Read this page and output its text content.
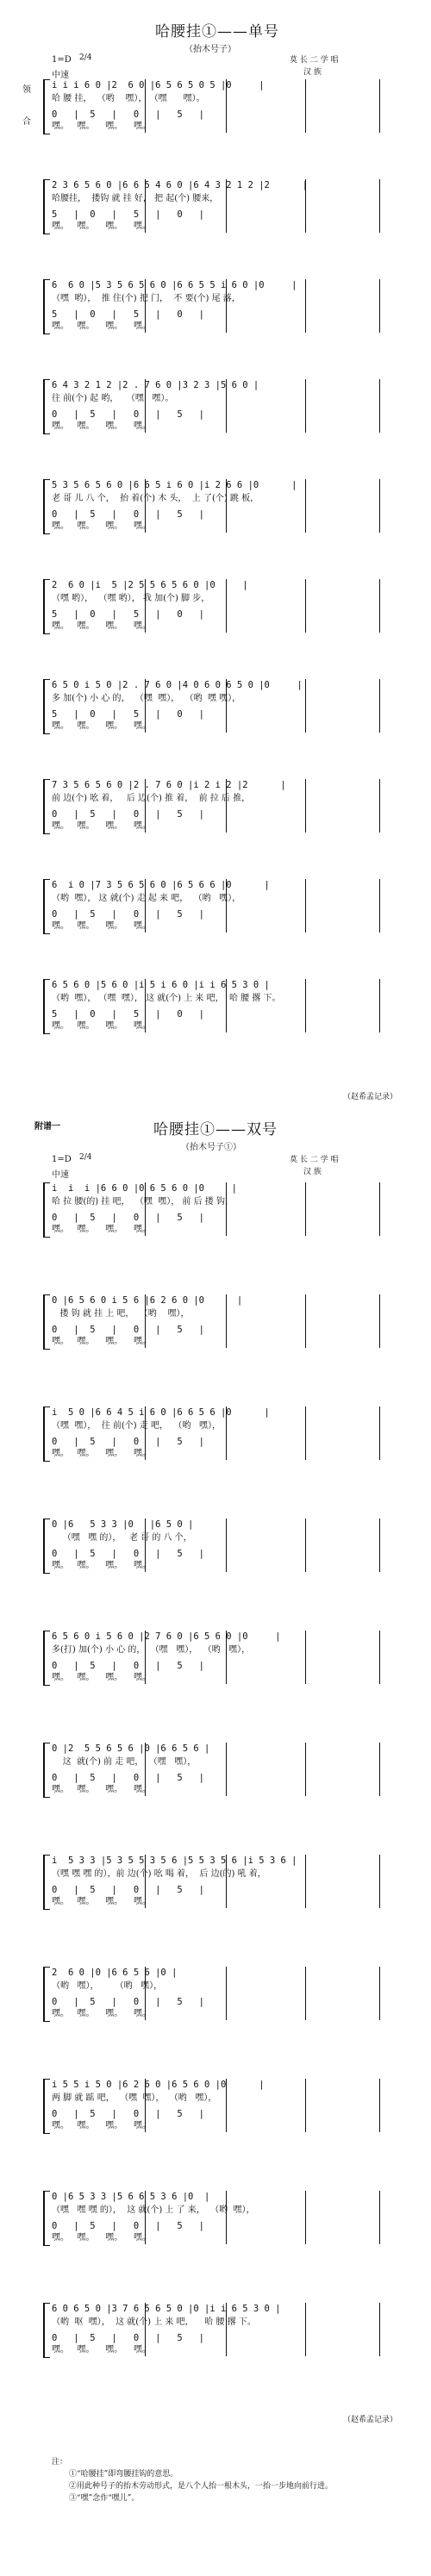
哈腰挂①——单号
（抬木号子）
1=D 2/4
中速
莫 长 二 学 唱
汉 族
领
合
i i i 6 0 |2  6 0 |6 5 6 5 0 5 |0     |
哈 腰 挂，  （哟    嘿）， （嘿      嘿）。
0   |  5   |   0   |   5   |
嘿。   嘿。    嘿。    嘿。
2 3 6 5 6 0 |6 6 5 4 6 0 |6 4 3 2 1 2 |2      |
哈腰挂，  搂钩 就 挂 好， 把 起(个) 腰来，
5   |  0   |   5   |   0   |
嘿。   嘿。    嘿。    嘿。
6  6 0 |5 3 5 6 5 6 0 |6 6 5 5 i 6 0 |0     |
（嘿  哟），  推 住(个) 把 门，  不 要(个) 尾 落，
5   |  0   |   5   |   0   |
嘿。   嘿。    嘿。    嘿。
6 4 3 2 1 2 |2 . 7 6 0 |3 2 3 |5 6 0 |
往 前(个) 起 哟，   （嘿   嘿）。
0   |  5   |   0   |   5   |
嘿。   嘿。    嘿。    嘿。
5 3 5 6 5 6 0 |6 6 5 i 6 0 |i 2 6 6 |0      |
老 哥 儿 八 个，  抬 着(个) 木 头，  上 了(个) 跳 板，
0   |  5   |   0   |   5   |
嘿。   嘿。    嘿。    嘿。
2  6 0 |i  5 |2 5 5 6 5 6 0 |0     |
（嘿 哟），  （嘿 哟）， 我 加(个) 脚 步，
5   |  0   |   5   |   0   |
嘿。   嘿。    嘿。    嘿。
6 5 0 i 5 0 |2 . 7 6 0 |4 0 6 0 6 5 0 |0     |
多 加(个) 小 心 的，  （嘿  嘿），  （哟  嘿 嘿），
5   |  0   |   5   |   0   |
嘿。   嘿。    嘿。    嘿。
7 3 5 6 5 6 0 |2 . 7 6 0 |i 2 i 2 |2      |
前 边(个) 吆 着，   后 边(个) 推 着，  前 拉 后 推，
0   |  5   |   0   |   5   |
嘿。   嘿。    嘿。    嘿。
6  i 0 |7 3 5 6 5 6 0 |6 5 6 6 |0      |
（哟  嘿）， 这 就(个) 走 起 来 吧，  （哟   嘿），
0   |  5   |   0   |   5   |
嘿。   嘿。    嘿。    嘿。
6 5 6 0 |5 6 0 |i 5 i 6 0 |i i 6 5 3 0 |
（哟  嘿）， （嘿  嘿）， 这 就(个) 上 来 吧，  哈 腰 撂 下。
5   |  0   |   5   |   0   |
嘿。   嘿。    嘿。    嘿。
（赵希孟记录）
附谱一	哈腰挂①——双号
（抬木号子①）
1=D 2/4
中速
莫 长 二 学 唱
汉 族
i  i  i |6 6 0 |0 6 5 6 0 |0     |
哈 拉 腰(的) 挂 吧，  （嘿  嘿）， 前 后 搂 钩，
0   |  5   |   0   |   5   |
嘿。   嘿。    嘿。    嘿。
0 |6 5 6 0 i 5 6 |6 2 6 0 |0      |
搂 钩 就 挂 上 吧，  （哟    嘿），
0   |  5   |   0   |   5   |
嘿。   嘿。    嘿。    嘿。
i  5 0 |6 6 4 5 i 6 0 |6 6 5 6 |0      |
（嘿  嘿），  往 前(个) 走 吧，  （哟   嘿），
0   |  5   |   0   |   5   |
嘿。   嘿。    嘿。    嘿。
0 |6   5 3 3 |0   |6 5 0 |
（嘿   嘿 的），   老 哥 的 八 个，
0   |  5   |   0   |   5   |
嘿。   嘿。    嘿。    嘿。
6 5 6 0 i 5 6 0 |2 7 6 0 |6 5 6 0 |0     |
多(打) 加(个) 小 心 的，  （嘿   嘿），  （哟   嘿），
0   |  5   |   0   |   5   |
嘿。   嘿。    嘿。    嘿。
0 |2  5 5 6 5 6 |0 |6 6 5 6 |
这  就(个) 前 走 吧，  （嘿   嘿），
0   |  5   |   0   |   5   |
嘿。   嘿。    嘿。    嘿。
i  5 3 3 |5 3 5 5 3 5 6 |5 5 3 5 6 |i 5 3 6 |
（嘿 嘿 嘿 的），前 边(个) 吆 喝 着，  后 边(的) 吼 着，
0   |  5   |   0   |   5   |
嘿。   嘿。    嘿。    嘿。
2  6 0 |0 |6 6 5 6 |0 |
（哟   嘿），      （哟   嘿），
0   |  5   |   0   |   5   |
嘿。   嘿。    嘿。    嘿。
i 5 5 i 5 0 |6 2 6 0 |6 5 6 0 |0      |
两 脚 就 踮 吧，  （嘿  嘿），  （哟   嘿），
0   |  5   |   0   |   5   |
嘿。   嘿。    嘿。    嘿。
0 |6 5 3 3 |5 6 6 5 3 6 |0  |
（嘿   嘿 嘿 的），  这 就(个) 上 了 来，  （哟  嘿），
0   |  5   |   0   |   5   |
嘿。   嘿。    嘿。    嘿。
6 0 6 5 0 |3 7 6 5 6 5 0 |0 |i i 6 5 3 0 |
（哟  呕  嘿），  这 就(个) 上 来 吧，    哈 腰 撂 下。
0   |  5   |   0   |   5   |
嘿。   嘿。    嘿。    嘿。
（赵希孟记录）
注：
①“哈腰挂”即弯腰挂钩的意思。
②用此种号子的抬木劳动形式，是八个人抬一根木头，一抬一步地向前行进。
③“嘿”念作“嘿儿”。
